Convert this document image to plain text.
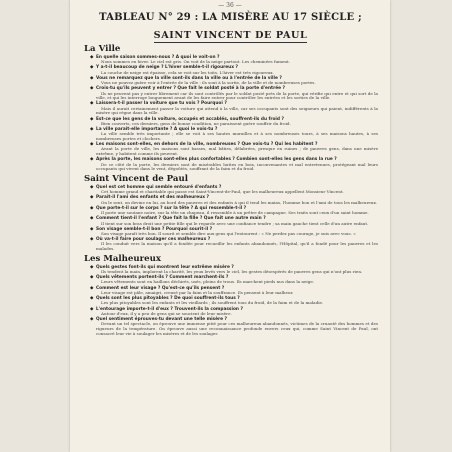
— 36 —
TABLEAU N° 29 : LA MISÈRE AU 17 SIÈCLE ;
SAINT VINCENT DE PAUL
La Ville
◆ En quelle saison sommes-nous ? A quoi le voit-on ?
Nous sommes en hiver. Le ciel est gris. On voit de la neige partout. Les cheminées fument.
◆ Y a-t-il beaucoup de neige ? L'hiver semble-t-il rigoureux ?
La couche de neige est épaisse, cela se voit sur les toits. L'hiver est très rigoureux.
◆ Vous ne remarquez que la ville sont-ils dans la ville ou à l'entrée de la ville ?
Vous ne pouvez guère voir à l'entrée de la ville : ils sont à la sortie, de la ville et de nombreuses portes.
◆ Crois-tu qu'ils peuvent y entrer ? Que fait le soldat posté à la porte d'entrée ?
Ils ne peuvent pas y entrer librement car ils sont contrôlés par le soldat posté près de la porte, qui vérifie qui entre et qui sort de la ville, et qui les interroge longuement avant de les faire entrer pour contrôler les entrées et les sorties de la ville.
◆ Laissera-t-il passer la voiture que tu vois ? Pourquoi ?
Mais il aurait certainement passer la voiture qui attend à la ville, car ses occupants sont des seigneurs qui paient, indifférents à la misère qui règne dans la ville.
◆ Est-ce que les gens de la voiture, occupés et accablés, souffrent-ils du froid ?
Bien couverts, ces derniers, gens de bonne condition, ne paraissent guère souffrir du froid.
◆ La ville paraît-elle importante ? A quoi le vois-tu ?
La ville semble très importante ; elle se voit à ses hautes murailles et à ses nombreuses tours, à ses maisons hautes, à ses nombreuses portes et clochers.
◆ Les maisons sont-elles, en dehors de la ville, nombreuses ? Que vois-tu ? Qui les habitent ?
Avant la porte de ville, les maisons sont basses, mal bâties, délabrées, presque en ruines ; de pauvres gens, dans une misère extrême, y habitent comme ils peuvent.
◆ Après la porte, les maisons sont-elles plus confortables ? Combien sont-elles les gens dans la rue ?
De ce côté de la porte, les derniers sont de misérables huttes en bois, inconvenantes et mal entretenues, protégeant mal leurs occupants qui vivent dans le vent, dégoûtés, souffrant de la faim et du froid.
Saint Vincent de Paul
◆ Quel est cet homme qui semble entouré d'enfants ?
Cet homme grand et charitable qui passe est Saint-Vincent-de-Paul, que les malheureux appellent Monsieur Vincent.
◆ Parait-il l'ami des enfants et des malheureux ?
On le sent, on devine en lui, au bord des pauvres et des enfants à qui il tend les mains, l'homme bon et l'ami de tous les malheureux.
◆ Que porte-t-il sur le corps ? sur la tête ? A qui ressemble-t-il ?
Il porte une soutane noire, sur la tête un chapeau, il ressemble à un prêtre de campagne. Ses traits sont ceux d'un saint homme.
◆ Comment tient-il l'enfant ? Que fait la fille ? Que fait une autre main ?
Il tient sur son bras droit une petite fille qui le regarde avec une confiance tendre ; sa main gauche tient celle d'un autre enfant.
◆ Son visage semble-t-il bon ? Pourquoi sourit-il ?
Son visage paraît très bon. Il sourit et semble dire aux gens qui l'entourent : « Ne perdez pas courage, je suis avec vous. »
◆ Où va-t-il faire pour soulager ces malheureux ?
Il les conduit vers la maison qu'il a fondée pour recueillir les enfants abandonnés, l'Hôpital, qu'il a fondé pour les pauvres et les malades.
Les Malheureux
◆ Quels gestes font-ils qui montrent leur extrême misère ?
Ils tendent la main, implorent la charité, les yeux levés vers le ciel, les gestes désespérés de pauvres gens qui n'ont plus rien.
◆ Quels vêtements portent-ils ? Comment marchent-ils ?
Leurs vêtements sont en haillons déchirés, usés, pleins de trous. Ils marchent pieds nus dans la neige.
◆ Comment est leur visage ? Qu'est-ce qu'ils pensent ?
Leur visage est pâle, amaigri, creusé par la faim et la souffrance. Ils pensent à leur malheur.
◆ Quels sont les plus pitoyables ? De quoi souffrent-ils tous ?
Les plus pitoyables sont les enfants et les vieillards ; ils souffrent tous du froid, de la faim et de la maladie.
◆ L'entourage importe-t-il d'eux ? Trouvent-ils la compassion ?
Autour d'eux, il y a peu de gens qui se soucient de leur misère.
◆ Quel sentiment éprouves-tu devant une telle misère ?
Devant un tel spectacle, on éprouve une immense pitié pour ces malheureux abandonnés, victimes de la cruauté des hommes et des rigueurs de la température. On éprouve aussi une reconnaissance profonde envers ceux qui, comme Saint Vincent de Paul, ont consacré leur vie à soulager les misères et de les soulager.
